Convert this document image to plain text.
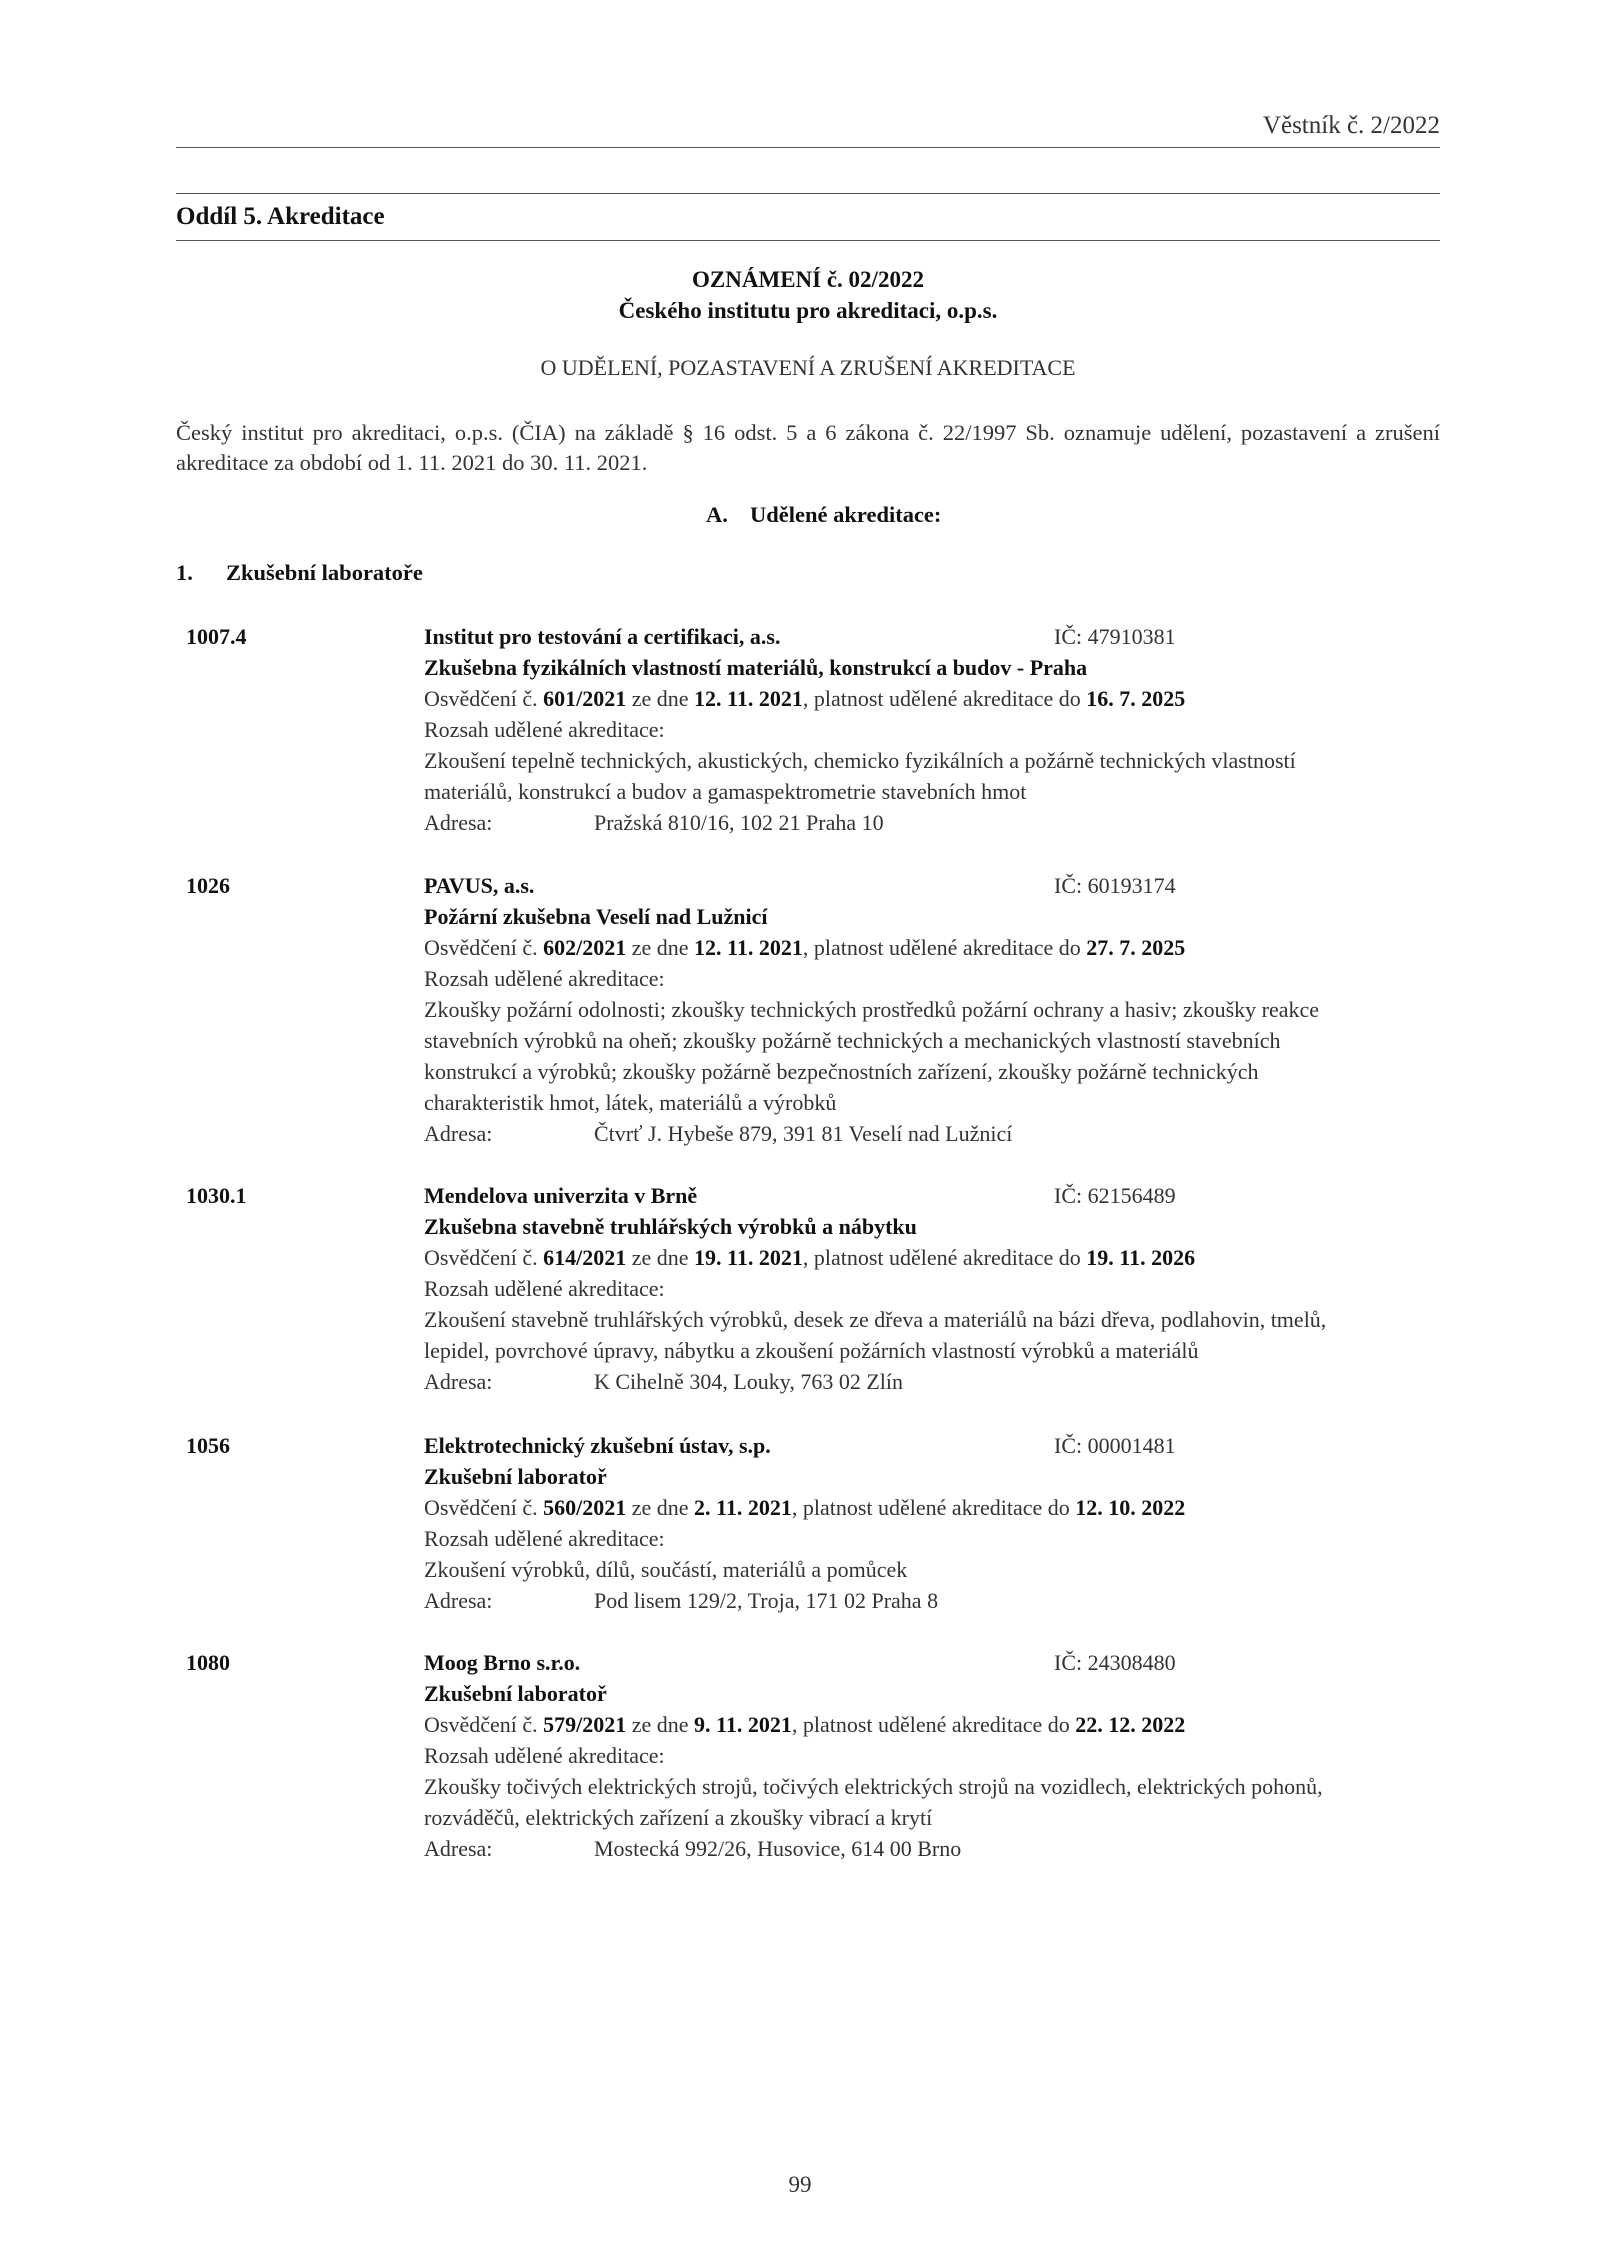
Věstník č. 2/2022
Oddíl 5. Akreditace
OZNÁMENÍ č. 02/2022
Českého institutu pro akreditaci, o.p.s.
O UDĚLENÍ, POZASTAVENÍ A ZRUŠENÍ AKREDITACE
Český institut pro akreditaci, o.p.s. (ČIA) na základě § 16 odst. 5 a 6 zákona č. 22/1997 Sb. oznamuje udělení, pozastavení a zrušení akreditace za období od 1. 11. 2021 do 30. 11. 2021.
A. Udělené akreditace:
1. Zkušební laboratoře
1007.4	Institut pro testování a certifikaci, a.s.	IČ: 47910381
Zkušebna fyzikálních vlastností materiálů, konstrukcí a budov - Praha
Osvědčení č. 601/2021 ze dne 12. 11. 2021, platnost udělené akreditace do 16. 7. 2025
Rozsah udělené akreditace:
Zkoušení tepelně technických, akustických, chemicko fyzikálních a požárně technických vlastností
materiálů, konstrukcí a budov a gamaspektrometrie stavebních hmot
Adresa:	Pražská 810/16, 102 21 Praha 10
1026	PAVUS, a.s.	IČ: 60193174
Požární zkušebna Veselí nad Lužnicí
Osvědčení č. 602/2021 ze dne 12. 11. 2021, platnost udělené akreditace do 27. 7. 2025
Rozsah udělené akreditace:
Zkoušky požární odolnosti; zkoušky technických prostředků požární ochrany a hasiv; zkoušky reakce
stavebních výrobků na oheň; zkoušky požárně technických a mechanických vlastností stavebních
konstrukcí a výrobků; zkoušky požárně bezpečnostních zařízení, zkoušky požárně technických
charakteristik hmot, látek, materiálů a výrobků
Adresa:	Čtvrť J. Hybeše 879, 391 81 Veselí nad Lužnicí
1030.1	Mendelova univerzita v Brně	IČ: 62156489
Zkušebna stavebně truhlářských výrobků a nábytku
Osvědčení č. 614/2021 ze dne 19. 11. 2021, platnost udělené akreditace do 19. 11. 2026
Rozsah udělené akreditace:
Zkoušení stavebně truhlářských výrobků, desek ze dřeva a materiálů na bázi dřeva, podlahovin, tmelů,
lepidel, povrchové úpravy, nábytku a zkoušení požárních vlastností výrobků a materiálů
Adresa:	K Cihelně 304, Louky, 763 02 Zlín
1056	Elektrotechnický zkušební ústav, s.p.	IČ: 00001481
Zkušební laboratoř
Osvědčení č. 560/2021 ze dne 2. 11. 2021, platnost udělené akreditace do 12. 10. 2022
Rozsah udělené akreditace:
Zkoušení výrobků, dílů, součástí, materiálů a pomůcek
Adresa:	Pod lisem 129/2, Troja, 171 02 Praha 8
1080	Moog Brno s.r.o.	IČ: 24308480
Zkušební laboratoř
Osvědčení č. 579/2021 ze dne 9. 11. 2021, platnost udělené akreditace do 22. 12. 2022
Rozsah udělené akreditace:
Zkoušky točivých elektrických strojů, točivých elektrických strojů na vozidlech, elektrických pohonů,
rozváděčů, elektrických zařízení a zkoušky vibrací a krytí
Adresa:	Mostecká 992/26, Husovice, 614 00 Brno
99
